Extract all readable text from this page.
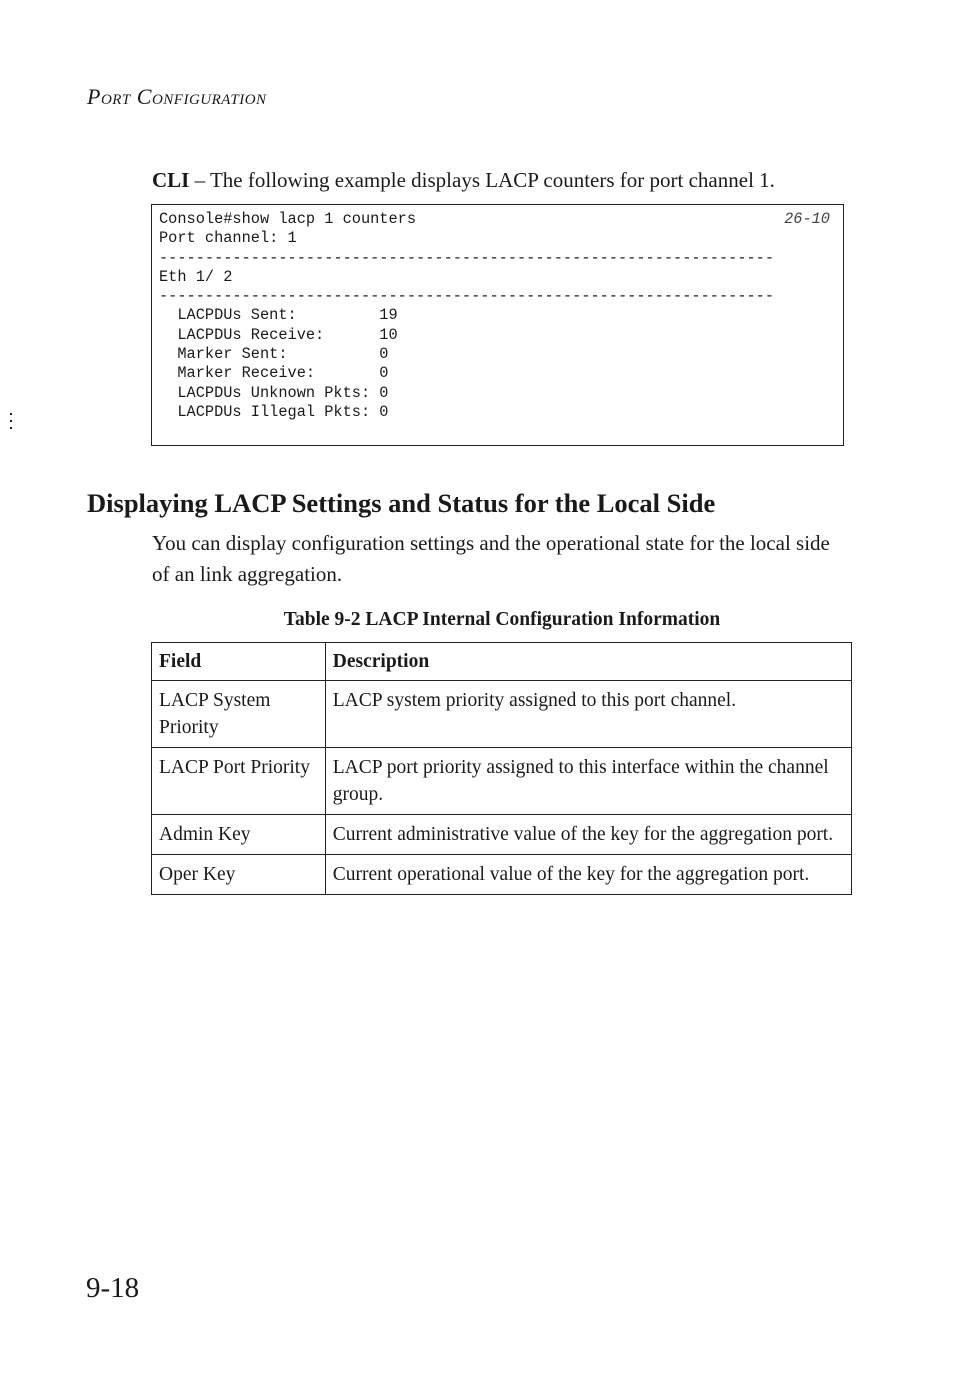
Port Configuration
CLI – The following example displays LACP counters for port channel 1.
Console#show lacp 1 counters
Port channel: 1
-------------------------------------------------------------------
Eth 1/ 2
-------------------------------------------------------------------
LACPDUs Sent:         19
LACPDUs Receive:      10
Marker Sent:          0
Marker Receive:       0
LACPDUs Unknown Pkts: 0
LACPDUs Illegal Pkts: 0
26-10
Displaying LACP Settings and Status for the Local Side
You can display configuration settings and the operational state for the local side of an link aggregation.
Table 9-2 LACP Internal Configuration Information
Field	Description
LACP System Priority	LACP system priority assigned to this port channel.
LACP Port Priority	LACP port priority assigned to this interface within the channel group.
Admin Key	Current administrative value of the key for the aggregation port.
Oper Key	Current operational value of the key for the aggregation port.
9-18
